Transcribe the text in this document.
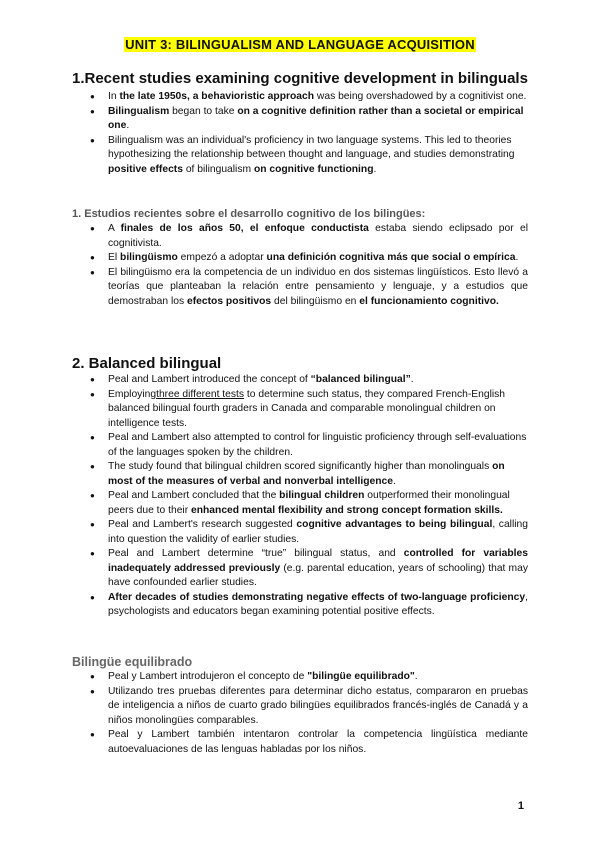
UNIT 3: BILINGUALISM AND LANGUAGE ACQUISITION
1.Recent studies examining cognitive development in bilinguals
● In the late 1950s, a behavioristic approach was being overshadowed by a cognitivist one.
● Bilingualism began to take on a cognitive definition rather than a societal or empirical one.
● Bilingualism was an individual's proficiency in two language systems. This led to theories hypothesizing the relationship between thought and language, and studies demonstrating positive effects of bilingualism on cognitive functioning.
1. Estudios recientes sobre el desarrollo cognitivo de los bilingües:
● A finales de los años 50, el enfoque conductista estaba siendo eclipsado por el cognitivista.
● El bilingüismo empezó a adoptar una definición cognitiva más que social o empírica.
● El bilingüismo era la competencia de un individuo en dos sistemas lingüísticos. Esto llevó a teorías que planteaban la relación entre pensamiento y lenguaje, y a estudios que demostraban los efectos positivos del bilingüismo en el funcionamiento cognitivo.
2. Balanced bilingual
● Peal and Lambert introduced the concept of “balanced bilingual”.
● Employingthree different tests to determine such status, they compared French-English balanced bilingual fourth graders in Canada and comparable monolingual children on intelligence tests.
● Peal and Lambert also attempted to control for linguistic proficiency through self-evaluations of the languages spoken by the children.
● The study found that bilingual children scored significantly higher than monolinguals on most of the measures of verbal and nonverbal intelligence.
● Peal and Lambert concluded that the bilingual children outperformed their monolingual peers due to their enhanced mental flexibility and strong concept formation skills.
● Peal and Lambert's research suggested cognitive advantages to being bilingual, calling into question the validity of earlier studies.
● Peal and Lambert determine “true” bilingual status, and controlled for variables inadequately addressed previously (e.g. parental education, years of schooling) that may have confounded earlier studies.
● After decades of studies demonstrating negative effects of two-language proficiency, psychologists and educators began examining potential positive effects.
Bilingüe equilibrado
● Peal y Lambert introdujeron el concepto de "bilingüe equilibrado".
● Utilizando tres pruebas diferentes para determinar dicho estatus, compararon en pruebas de inteligencia a niños de cuarto grado bilingües equilibrados francés-inglés de Canadá y a niños monolingües comparables.
● Peal y Lambert también intentaron controlar la competencia lingüística mediante autoevaluaciones de las lenguas habladas por los niños.
1
